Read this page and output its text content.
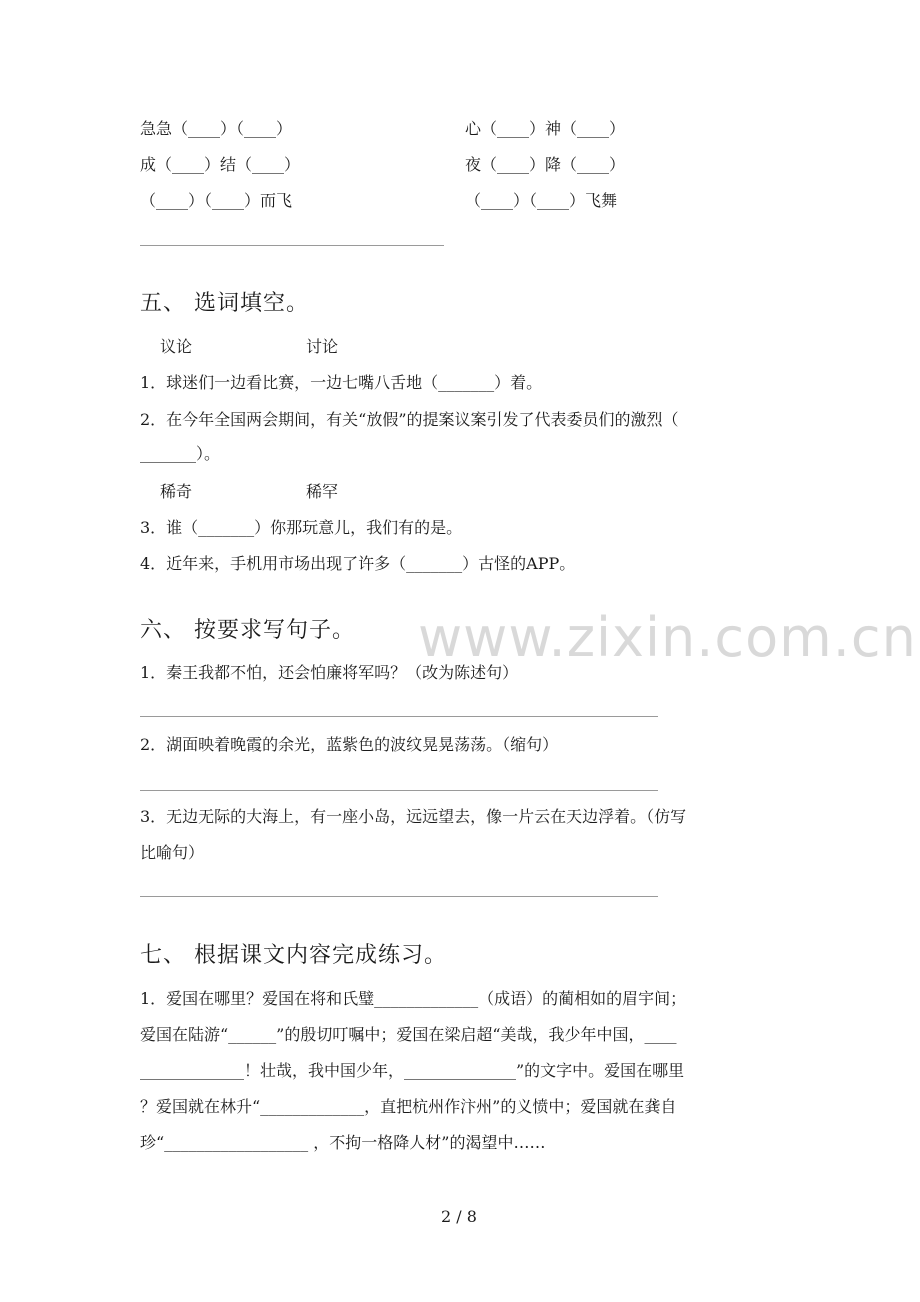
急急（____）（____）
成（____）结（____）
（____）（____）而飞
心（____）神（____）
夜（____）降（____）
（____）（____）飞舞
五、 选词填空。
议论	讨论
1．球迷们一边看比赛，一边七嘴八舌地（_______）着。
2．在今年全国两会期间，有关“放假”的提案议案引发了代表委员们的激烈（
_______）。
稀奇	稀罕
3．谁（_______）你那玩意儿，我们有的是。
4．近年来，手机用市场出现了许多（_______）古怪的APP。
www.zixin.com.cn
六、 按要求写句子。
1．秦王我都不怕，还会怕廉将军吗？（改为陈述句）
2．湖面映着晚霞的余光，蓝紫色的波纹晃晃荡荡。（缩句）
3．无边无际的大海上，有一座小岛，远远望去，像一片云在天边浮着。（仿写
比喻句）
七、 根据课文内容完成练习。
1．爱国在哪里？爱国在将和氏璧_____________（成语）的蔺相如的眉宇间；
爱国在陆游“______”的殷切叮嘱中；爱国在梁启超“美哉，我少年中国，____
_____________！壮哉，我中国少年，______________”的文字中。爱国在哪里
？爱国就在林升“_____________，直把杭州作汴州”的义愤中；爱国就在龚自
珍“__________________ ，不拘一格降人材”的渴望中……
2 / 8
